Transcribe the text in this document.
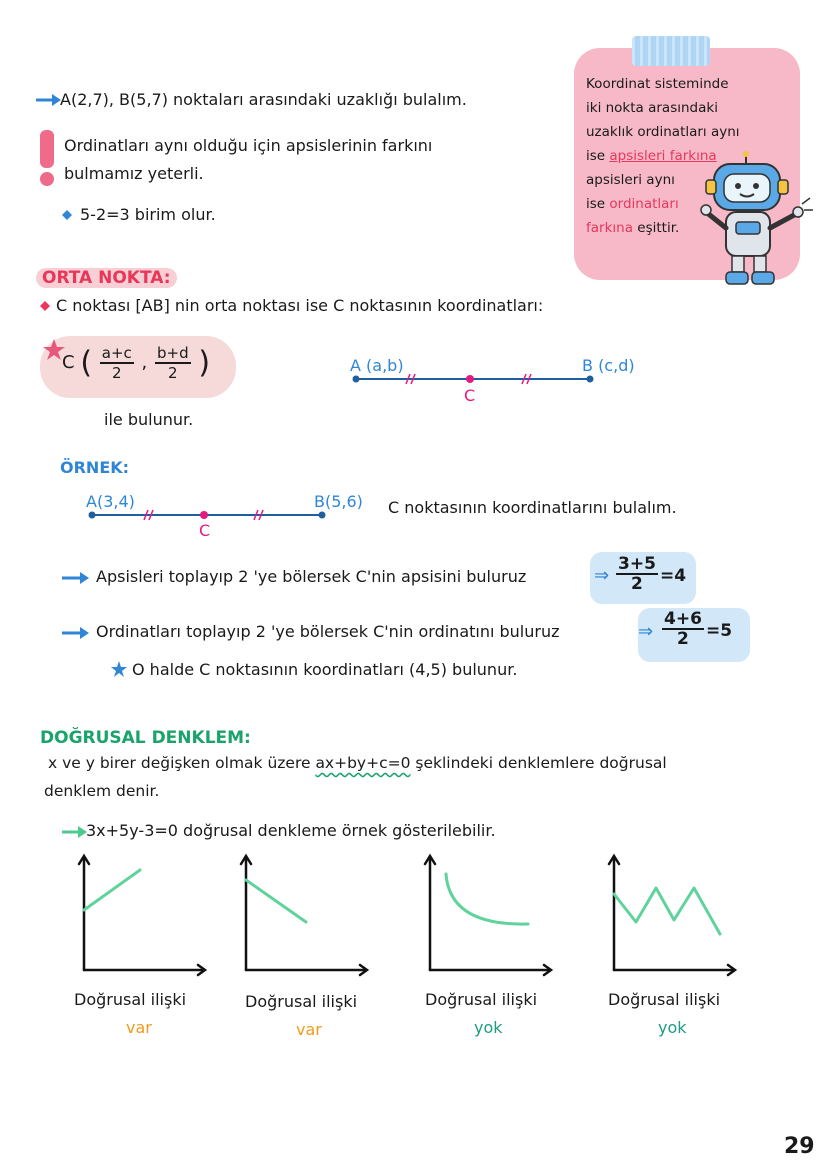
A(2,7), B(5,7) noktaları arasındaki uzaklığı bulalım.
Ordinatları aynı olduğu için apsislerinin farkını
bulmamız yeterli.
5-2=3 birim olur.
Koordinat sisteminde
iki nokta arasındaki
uzaklık ordinatları aynı
ise apsisleri farkına
apsisleri aynı
ise ordinatları
farkına eşittir.
ORTA NOKTA:
C noktası [AB] nin orta noktası ise C noktasının koordinatları:
C ( $\frac{a+c}{2}$ , $\frac{b+d}{2}$ )
ile bulunur.
A (a,b)	B (c,d)
C
ÖRNEK:
A(3,4)	B(5,6)
C
C noktasının koordinatlarını bulalım.
Apsisleri toplayıp 2 'ye bölersek C'nin apsisini buluruz	⇒ $\frac{3+5}{2} =4$
Ordinatları toplayıp 2 'ye bölersek C'nin ordinatını buluruz	⇒ $\frac{4+6}{2} =5$
O halde C noktasının koordinatları (4,5) bulunur.
DOĞRUSAL DENKLEM:
x ve y birer değişken olmak üzere ax+by+c=0 şeklindeki denklemlere doğrusal
denklem denir.
3x+5y-3=0 doğrusal denkleme örnek gösterilebilir.
Doğrusal ilişki
var
Doğrusal ilişki
var
Doğrusal ilişki
yok
Doğrusal ilişki
yok
29
